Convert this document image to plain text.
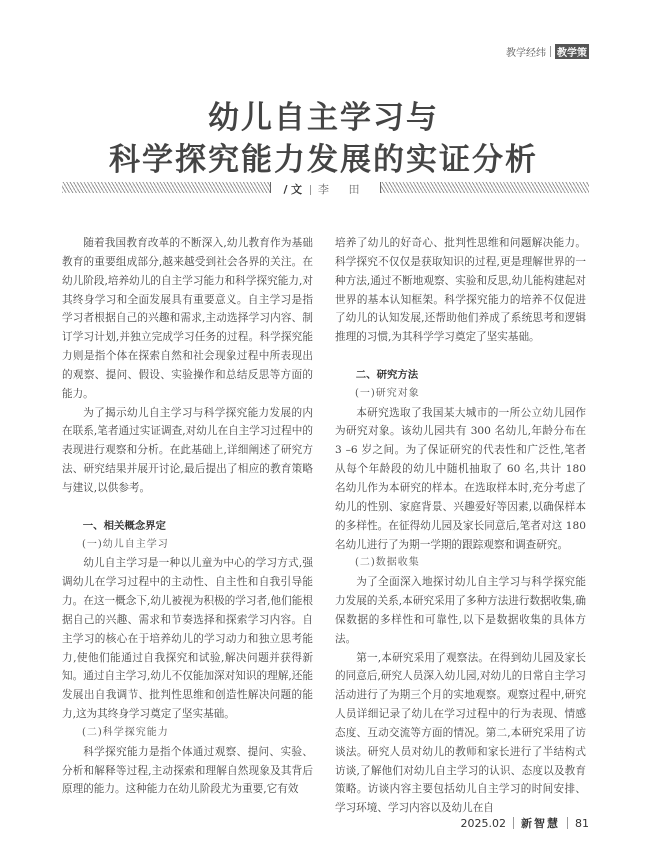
教学经纬 教学策
幼儿自主学习与
科学探究能力发展的实证分析
/ 文 李 田

随着我国教育改革的不断深入,幼儿教育作为基础教育的重要组成部分,越来越受到社会各界的关注。在幼儿阶段,培养幼儿的自主学习能力和科学探究能力,对其终身学习和全面发展具有重要意义。自主学习是指学习者根据自己的兴趣和需求,主动选择学习内容、制订学习计划,并独立完成学习任务的过程。科学探究能力则是指个体在探索自然和社会现象过程中所表现出的观察、提问、假设、实验操作和总结反思等方面的能力。

为了揭示幼儿自主学习与科学探究能力发展的内在联系,笔者通过实证调查,对幼儿在自主学习过程中的表现进行观察和分析。在此基础上,详细阐述了研究方法、研究结果并展开讨论,最后提出了相应的教育策略与建议,以供参考。

一、相关概念界定

(一)幼儿自主学习

幼儿自主学习是一种以儿童为中心的学习方式,强调幼儿在学习过程中的主动性、自主性和自我引导能力。在这一概念下,幼儿被视为积极的学习者,他们能根据自己的兴趣、需求和节奏选择和探索学习内容。自主学习的核心在于培养幼儿的学习动力和独立思考能力,使他们能通过自我探究和试验,解决问题并获得新知。通过自主学习,幼儿不仅能加深对知识的理解,还能发展出自我调节、批判性思维和创造性解决问题的能力,这为其终身学习奠定了坚实基础。

(二)科学探究能力

科学探究能力是指个体通过观察、提问、实验、分析和解释等过程,主动探索和理解自然现象及其背后原理的能力。这种能力在幼儿阶段尤为重要,它有效

培养了幼儿的好奇心、批判性思维和问题解决能力。科学探究不仅仅是获取知识的过程,更是理解世界的一种方法,通过不断地观察、实验和反思,幼儿能构建起对世界的基本认知框架。科学探究能力的培养不仅促进了幼儿的认知发展,还帮助他们养成了系统思考和逻辑推理的习惯,为其科学学习奠定了坚实基础。

二、研究方法

(一)研究对象

本研究选取了我国某大城市的一所公立幼儿园作为研究对象。该幼儿园共有 300 名幼儿,年龄分布在 3 –6 岁之间。为了保证研究的代表性和广泛性,笔者从每个年龄段的幼儿中随机抽取了 60 名,共计 180 名幼儿作为本研究的样本。在选取样本时,充分考虑了幼儿的性别、家庭背景、兴趣爱好等因素,以确保样本的多样性。在征得幼儿园及家长同意后,笔者对这 180 名幼儿进行了为期一学期的跟踪观察和调查研究。

(二)数据收集

为了全面深入地探讨幼儿自主学习与科学探究能力发展的关系,本研究采用了多种方法进行数据收集,确保数据的多样性和可靠性,以下是数据收集的具体方法。

第一,本研究采用了观察法。在得到幼儿园及家长的同意后,研究人员深入幼儿园,对幼儿的日常自主学习活动进行了为期三个月的实地观察。观察过程中,研究人员详细记录了幼儿在学习过程中的行为表现、情感态度、互动交流等方面的情况。第二,本研究采用了访谈法。研究人员对幼儿的教师和家长进行了半结构式访谈,了解他们对幼儿自主学习的认识、态度以及教育策略。访谈内容主要包括幼儿自主学习的时间安排、学习环境、学习内容以及幼儿在自

2025.02 新智慧 81
